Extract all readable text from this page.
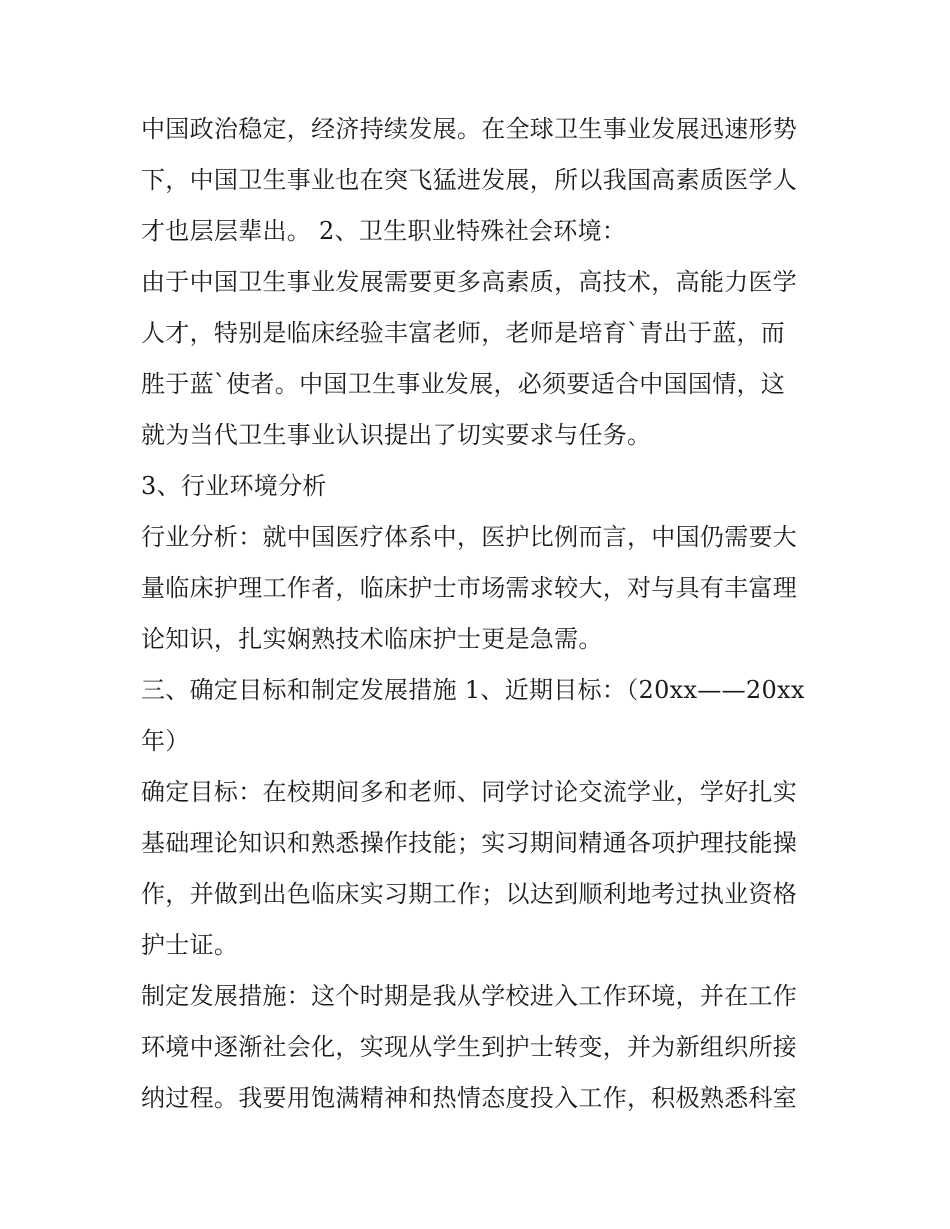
中国政治稳定，经济持续发展。在全球卫生事业发展迅速形势
下，中国卫生事业也在突飞猛进发展，所以我国高素质医学人
才也层层辈出。 2、卫生职业特殊社会环境：
由于中国卫生事业发展需要更多高素质，高技术，高能力医学
人才，特别是临床经验丰富老师，老师是培育`青出于蓝，而
胜于蓝`使者。中国卫生事业发展，必须要适合中国国情，这
就为当代卫生事业认识提出了切实要求与任务。
3、行业环境分析
行业分析：就中国医疗体系中，医护比例而言，中国仍需要大
量临床护理工作者，临床护士市场需求较大，对与具有丰富理
论知识，扎实娴熟技术临床护士更是急需。
三、确定目标和制定发展措施 1、近期目标：（20xx——20xx
年）
确定目标：在校期间多和老师、同学讨论交流学业，学好扎实
基础理论知识和熟悉操作技能；实习期间精通各项护理技能操
作，并做到出色临床实习期工作；以达到顺利地考过执业资格
护士证。
制定发展措施：这个时期是我从学校进入工作环境，并在工作
环境中逐渐社会化，实现从学生到护士转变，并为新组织所接
纳过程。我要用饱满精神和热情态度投入工作，积极熟悉科室
